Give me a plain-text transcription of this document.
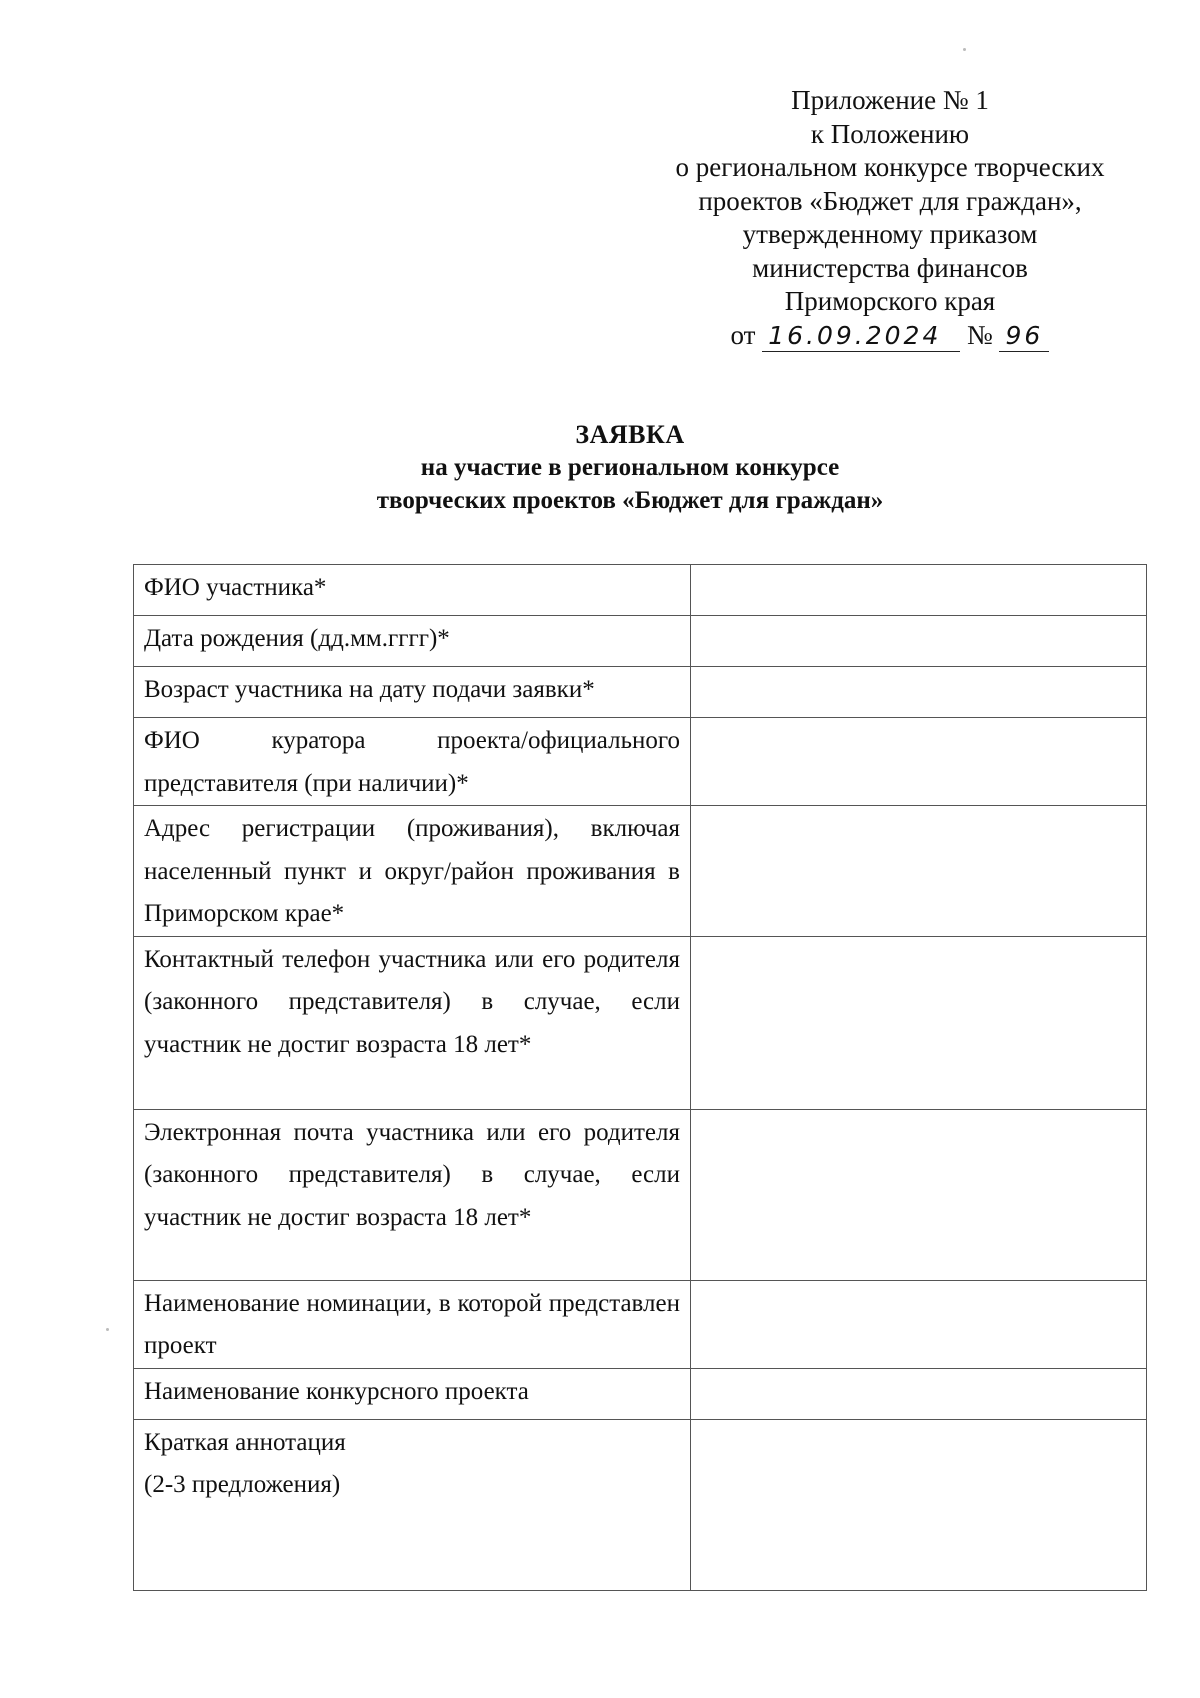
Приложение № 1
к Положению
о региональном конкурсе творческих
проектов «Бюджет для граждан»,
утвержденному приказом
министерства финансов
Приморского края
от 16.09.2024 № 96
ЗАЯВКА
на участие в региональном конкурсе
творческих проектов «Бюджет для граждан»
ФИО участника*	
Дата рождения (дд.мм.гггг)*	
Возраст участника на дату подачи заявки*	
ФИО куратора проекта/официального представителя (при наличии)*	
Адрес регистрации (проживания), включая населенный пункт и округ/район проживания в Приморском крае*	
Контактный телефон участника или его родителя (законного представителя) в случае, если участник не достиг возраста 18 лет*	
Электронная почта участника или его родителя (законного представителя) в случае, если участник не достиг возраста 18 лет*	
Наименование номинации, в которой представлен проект	
Наименование конкурсного проекта	
Краткая аннотация
(2-3 предложения)	
